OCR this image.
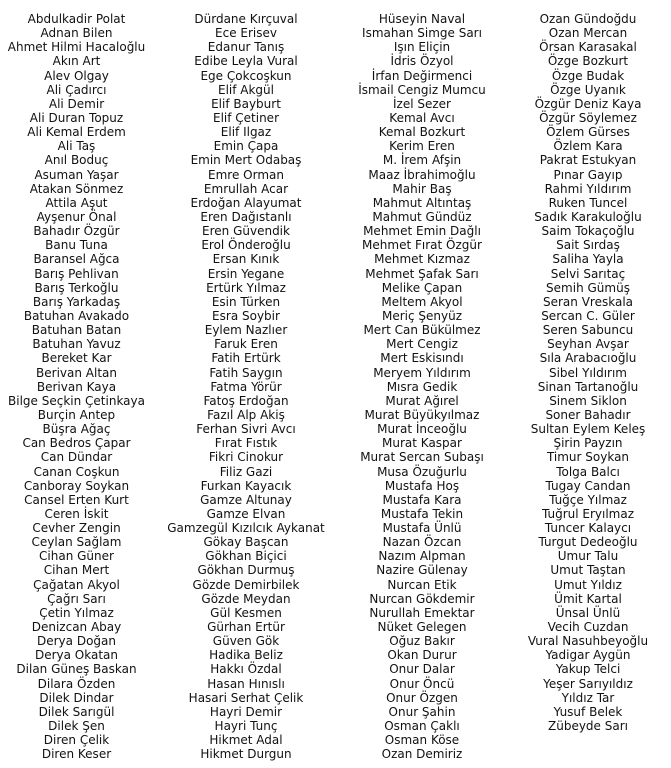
Abdulkadir Polat
Adnan Bilen
Ahmet Hilmi Hacaloğlu
Akın Art
Alev Olgay
Ali Çadırcı
Ali Demir
Ali Duran Topuz
Ali Kemal Erdem
Ali Taş
Anıl Boduç
Asuman Yaşar
Atakan Sönmez
Attila Aşut
Ayşenur Önal
Bahadır Özgür
Banu Tuna
Baransel Ağca
Barış Pehlivan
Barış Terkoğlu
Barış Yarkadaş
Batuhan Avakado
Batuhan Batan
Batuhan Yavuz
Bereket Kar
Berivan Altan
Berivan Kaya
Bilge Seçkin Çetinkaya
Burçin Antep
Büşra Ağaç
Can Bedros Çapar
Can Dündar
Canan Coşkun
Canboray Soykan
Cansel Erten Kurt
Ceren İskit
Cevher Zengin
Ceylan Sağlam
Cihan Güner
Cihan Mert
Çağatan Akyol
Çağrı Sarı
Çetin Yılmaz
Denizcan Abay
Derya Doğan
Derya Okatan
Dilan Güneş Baskan
Dilara Özden
Dilek Dindar
Dilek Sarıgül
Dilek Şen
Diren Çelik
Diren Keser
Dürdane Kırçuval
Ece Erisev
Edanur Tanış
Edibe Leyla Vural
Ege Çokcoşkun
Elif Akgül
Elif Bayburt
Elif Çetiner
Elif Ilgaz
Emin Çapa
Emin Mert Odabaş
Emre Orman
Emrullah Acar
Erdoğan Alayumat
Eren Dağıstanlı
Eren Güvendik
Erol Önderoğlu
Ersan Kınık
Ersin Yegane
Ertürk Yılmaz
Esin Türken
Esra Soybir
Eylem Nazlıer
Faruk Eren
Fatih Ertürk
Fatih Saygın
Fatma Yörür
Fatoş Erdoğan
Fazıl Alp Akiş
Ferhan Sivri Avcı
Fırat Fıstık
Fikri Cinokur
Filiz Gazi
Furkan Kayacık
Gamze Altunay
Gamze Elvan
Gamzegül Kızılcık Aykanat
Gökay Başcan
Gökhan Biçici
Gökhan Durmuş
Gözde Demirbilek
Gözde Meydan
Gül Kesmen
Gürhan Ertür
Güven Gök
Hadika Beliz
Hakkı Özdal
Hasan Hınıslı
Hasari Serhat Çelik
Hayri Demir
Hayri Tunç
Hikmet Adal
Hikmet Durgun
Hüseyin Naval
Ismahan Simge Sarı
Işın Eliçin
İdris Özyol
İrfan Değirmenci
İsmail Cengiz Mumcu
İzel Sezer
Kemal Avcı
Kemal Bozkurt
Kerim Eren
M. İrem Afşin
Maaz İbrahimoğlu
Mahir Baş
Mahmut Altıntaş
Mahmut Gündüz
Mehmet Emin Dağlı
Mehmet Fırat Özgür
Mehmet Kızmaz
Mehmet Şafak Sarı
Melike Çapan
Meltem Akyol
Meriç Şenyüz
Mert Can Bükülmez
Mert Cengiz
Mert Eskisındı
Meryem Yıldırım
Mısra Gedik
Murat Ağırel
Murat Büyükyılmaz
Murat İnceoğlu
Murat Kaspar
Murat Sercan Subaşı
Musa Özuğurlu
Mustafa Hoş
Mustafa Kara
Mustafa Tekin
Mustafa Ünlü
Nazan Özcan
Nazım Alpman
Nazire Gülenay
Nurcan Etik
Nurcan Gökdemir
Nurullah Emektar
Nüket Gelegen
Oğuz Bakır
Okan Durur
Onur Dalar
Onur Öncü
Onur Özgen
Onur Şahin
Osman Çaklı
Osman Köse
Ozan Demiriz
Ozan Gündoğdu
Ozan Mercan
Örsan Karasakal
Özge Bozkurt
Özge Budak
Özge Uyanık
Özgür Deniz Kaya
Özgür Söylemez
Özlem Gürses
Özlem Kara
Pakrat Estukyan
Pınar Gayıp
Rahmi Yıldırım
Ruken Tuncel
Sadık Karakuloğlu
Saim Tokaçoğlu
Sait Sırdaş
Saliha Yayla
Selvi Sarıtaç
Semih Gümüş
Seran Vreskala
Sercan C. Güler
Seren Sabuncu
Seyhan Avşar
Sıla Arabacıoğlu
Sibel Yıldırım
Sinan Tartanoğlu
Sinem Siklon
Soner Bahadır
Sultan Eylem Keleş
Şirin Payzın
Timur Soykan
Tolga Balcı
Tugay Candan
Tuğçe Yılmaz
Tuğrul Eryılmaz
Tuncer Kalaycı
Turgut Dedeoğlu
Umur Talu
Umut Taştan
Umut Yıldız
Ümit Kartal
Ünsal Ünlü
Vecih Cuzdan
Vural Nasuhbeyoğlu
Yadigar Aygün
Yakup Telci
Yeşer Sarıyıldız
Yıldız Tar
Yusuf Belek
Zübeyde Sarı
